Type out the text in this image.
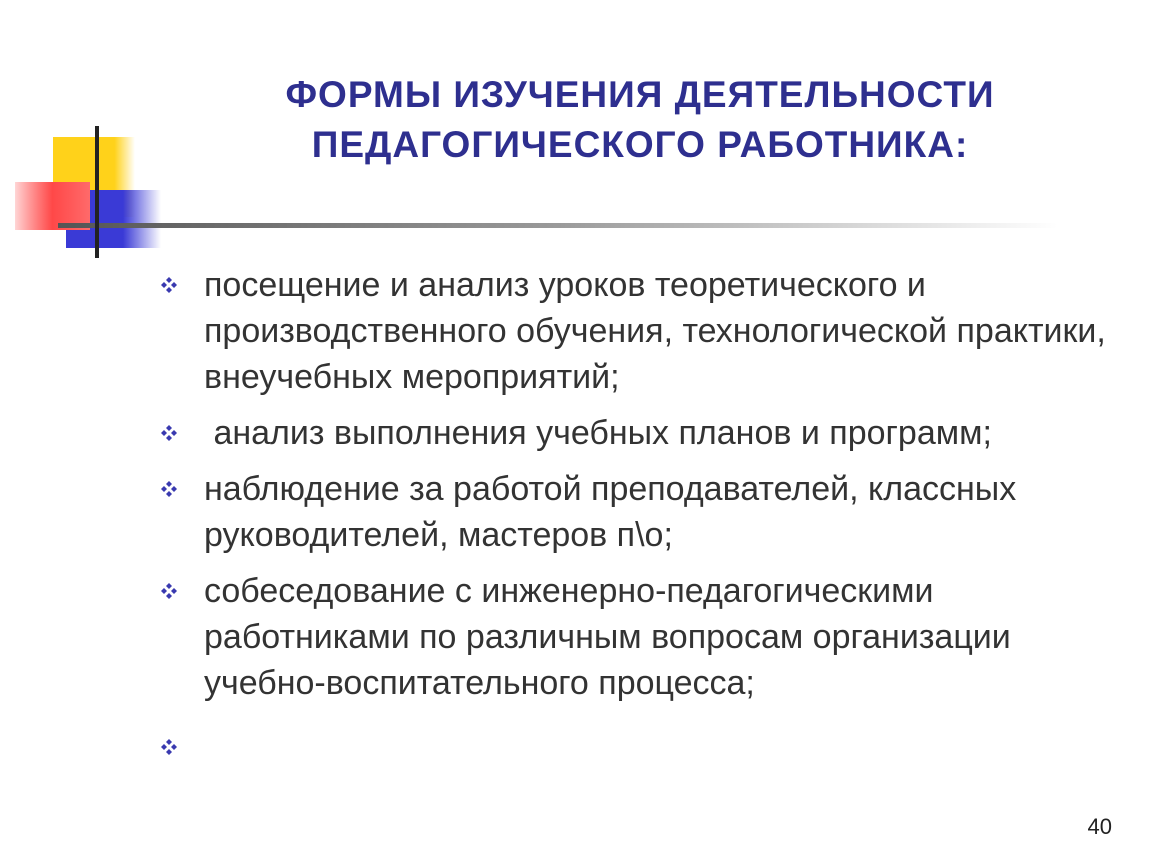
ФОРМЫ ИЗУЧЕНИЯ ДЕЯТЕЛЬНОСТИ
ПЕДАГОГИЧЕСКОГО РАБОТНИКА:
посещение и анализ уроков теоретического и производственного обучения, технологической практики, внеучебных мероприятий;
анализ выполнения учебных планов и программ;
наблюдение за работой преподавателей, классных руководителей, мастеров п\о;
собеседование с инженерно-педагогическими работниками по различным вопросам организации учебно-воспитательного процесса;
40
